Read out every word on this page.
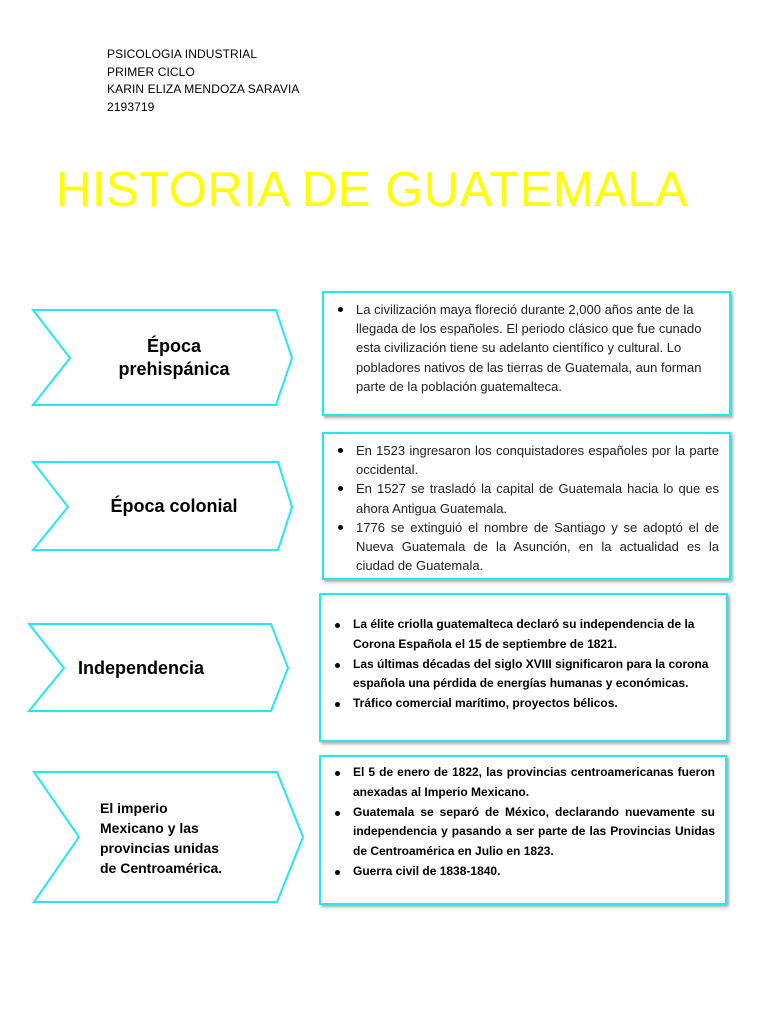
PSICOLOGIA INDUSTRIAL
PRIMER CICLO
KARIN ELIZA MENDOZA SARAVIA
2193719
HISTORIA DE GUATEMALA
Época
prehispánica
La civilización maya floreció durante 2,000 años ante de la llegada de los españoles. El periodo clásico que fue cunado esta civilización tiene su adelanto científico y cultural. Lo pobladores nativos de las tierras de Guatemala, aun forman parte de la población guatemalteca.
Época colonial
En 1523 ingresaron los conquistadores españoles por la parte occidental.
En 1527 se trasladó la capital de Guatemala hacia lo que es ahora Antigua Guatemala.
1776 se extinguió el nombre de Santiago y se adoptó el de Nueva Guatemala de la Asunción, en la actualidad es la ciudad de Guatemala.
Independencia
La élite criolla guatemalteca declaró su independencia de la Corona Española el 15 de septiembre de 1821.
Las últimas décadas del siglo XVIII significaron para la corona española una pérdida de energías humanas y económicas.
Tráfico comercial marítimo, proyectos bélicos.
El imperio
Mexicano y las
provincias unidas
de Centroamérica.
El 5 de enero de 1822, las provincias centroamericanas fueron anexadas al Imperio Mexicano.
Guatemala se separó de México, declarando nuevamente su independencia y pasando a ser parte de las Provincias Unidas de Centroamérica en Julio en 1823.
Guerra civil de 1838-1840.
